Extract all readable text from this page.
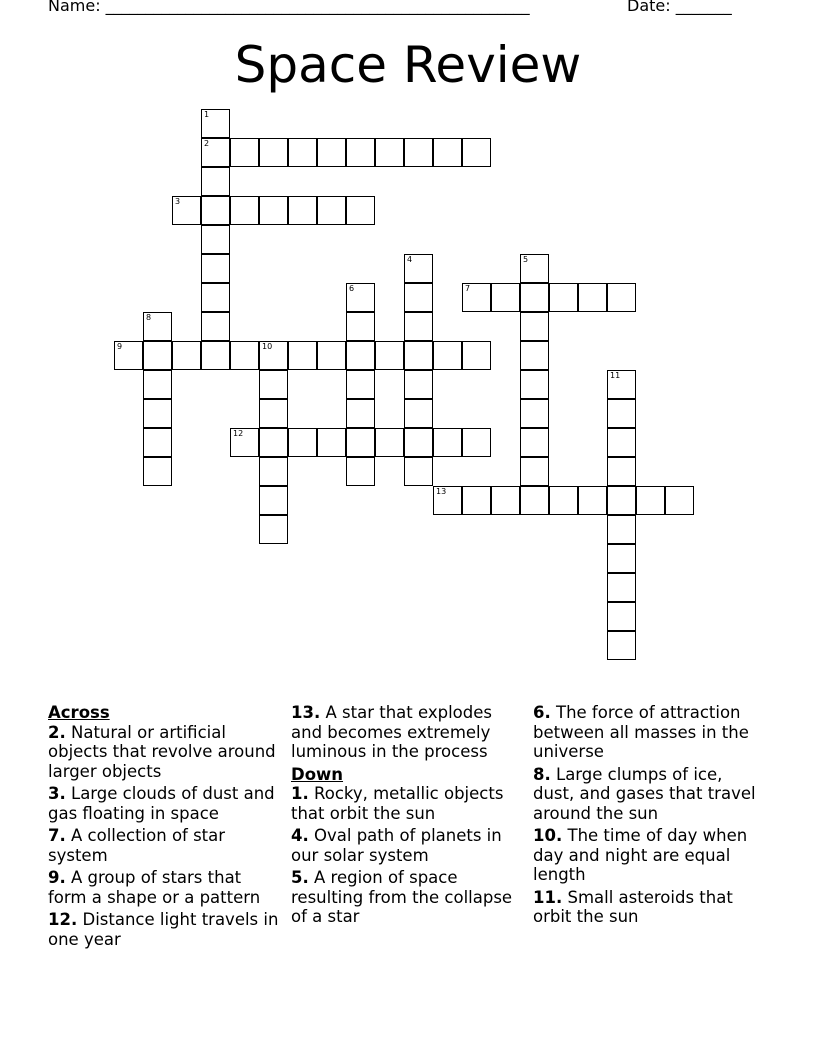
Name: _____________________________________________________	Date: _______
Space Review
1
2
3
4	5
6	7
8
9	10
11
12
13
Across
2. Natural or artificial objects that revolve around larger objects
3. Large clouds of dust and gas floating in space
7. A collection of star system
9. A group of stars that form a shape or a pattern
12. Distance light travels in one year
13. A star that explodes and becomes extremely luminous in the process
Down
1. Rocky, metallic objects that orbit the sun
4. Oval path of planets in our solar system
5. A region of space resulting from the collapse of a star
6. The force of attraction between all masses in the universe
8. Large clumps of ice, dust, and gases that travel around the sun
10. The time of day when day and night are equal length
11. Small asteroids that orbit the sun
